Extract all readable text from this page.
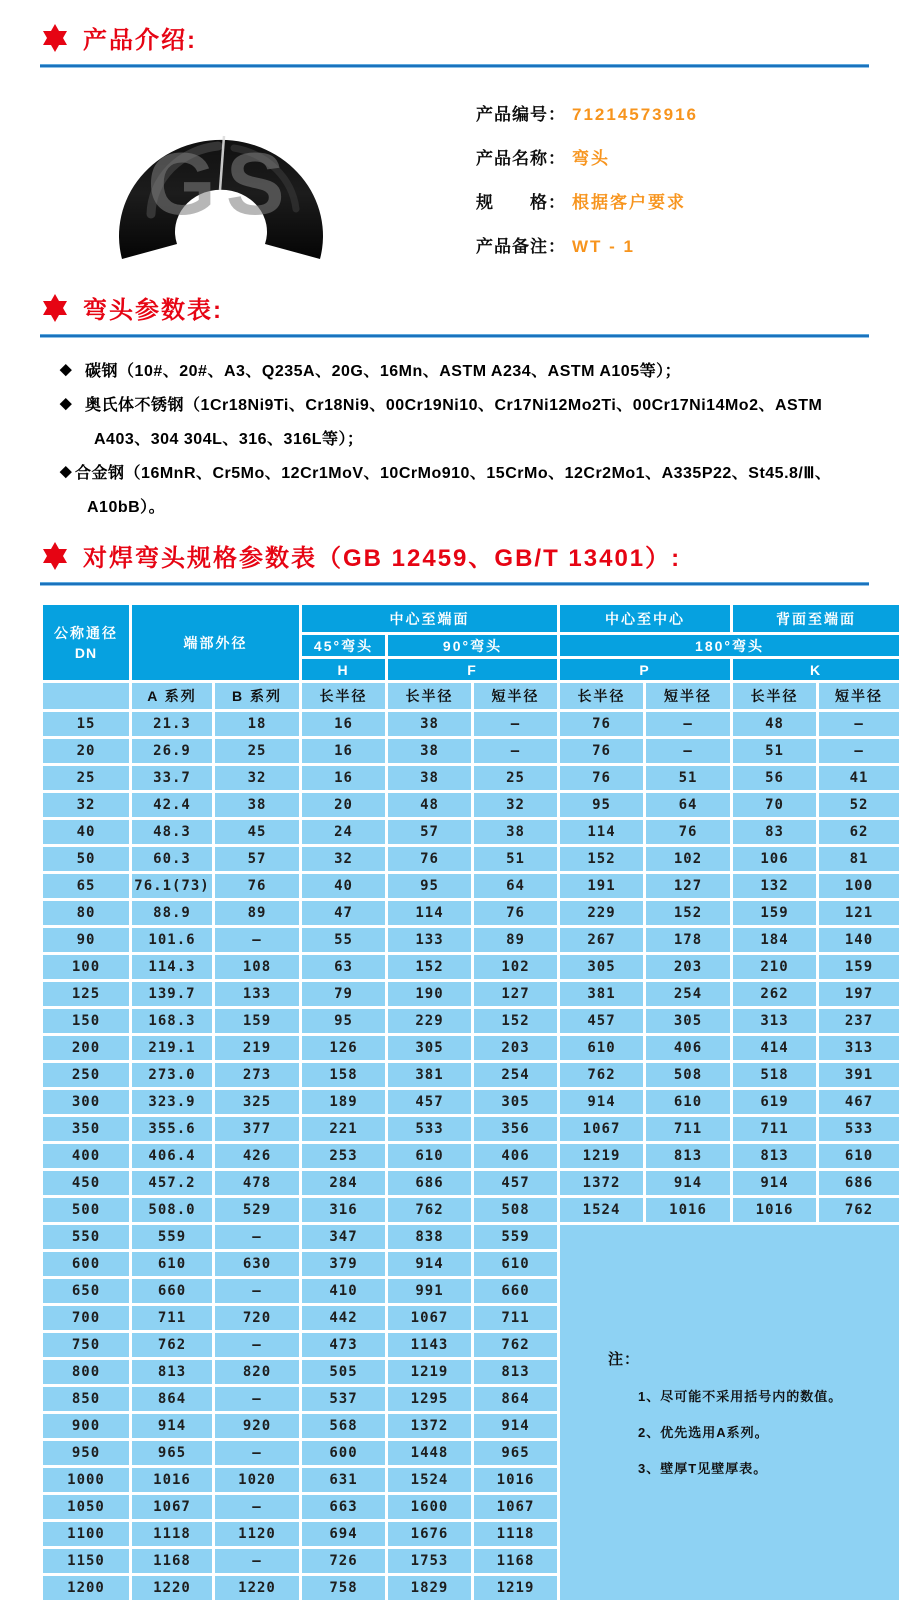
产品介绍:
GS
产品编号： 71214573916
产品名称： 弯头
规　　格： 根据客户要求
产品备注： WT - 1
弯头参数表:
◆ 碳钢（10#、20#、A3、Q235A、20G、16Mn、ASTM A234、ASTM A105等）；
◆ 奥氏体不锈钢（1Cr18Ni9Ti、Cr18Ni9、00Cr19Ni10、Cr17Ni12Mo2Ti、00Cr17Ni14Mo2、ASTM
A403、304 304L、316、316L等）；
◆ 合金钢（16MnR、Cr5Mo、12Cr1MoV、10CrMo910、15CrMo、12Cr2Mo1、A335P22、St45.8/Ⅲ、
A10bB）。
对焊弯头规格参数表（GB 12459、GB/T 13401）:
公称通径
DN	端部外径		中心至端面			中心至中心		背面至端面	
			45°弯头	90°弯头		180°弯头			
			H	F		P		K	
	A 系列	B 系列	长半径	长半径	短半径	长半径	短半径	长半径	短半径
15	21.3	18	16	38	—	76	—	48	—
20	26.9	25	16	38	—	76	—	51	—
25	33.7	32	16	38	25	76	51	56	41
32	42.4	38	20	48	32	95	64	70	52
40	48.3	45	24	57	38	114	76	83	62
50	60.3	57	32	76	51	152	102	106	81
65	76.1(73)	76	40	95	64	191	127	132	100
80	88.9	89	47	114	76	229	152	159	121
90	101.6	—	55	133	89	267	178	184	140
100	114.3	108	63	152	102	305	203	210	159
125	139.7	133	79	190	127	381	254	262	197
150	168.3	159	95	229	152	457	305	313	237
200	219.1	219	126	305	203	610	406	414	313
250	273.0	273	158	381	254	762	508	518	391
300	323.9	325	189	457	305	914	610	619	467
350	355.6	377	221	533	356	1067	711	711	533
400	406.4	426	253	610	406	1219	813	813	610
450	457.2	478	284	686	457	1372	914	914	686
500	508.0	529	316	762	508	1524	1016	1016	762
550	559	—	347	838	559	注：
1、尽可能不采用括号内的数值。
2、优先选用A系列。
3、壁厚T见壁厚表。			

600	610	630	379	914	610				
650	660	—	410	991	660				
700	711	720	442	1067	711				
750	762	—	473	1143	762				
800	813	820	505	1219	813				
850	864	—	537	1295	864				
900	914	920	568	1372	914				
950	965	—	600	1448	965				
1000	1016	1020	631	1524	1016				
1050	1067	—	663	1600	1067				
1100	1118	1120	694	1676	1118				
1150	1168	—	726	1753	1168				
1200	1220	1220	758	1829	1219				
